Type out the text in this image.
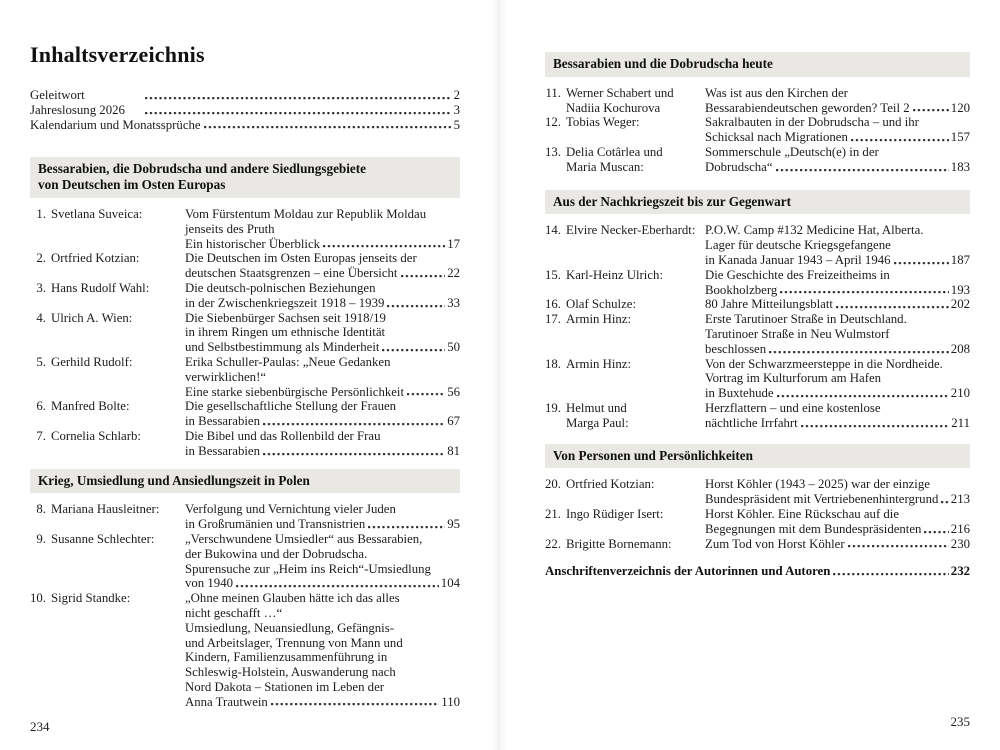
Inhaltsverzeichnis
Geleitwort	2
Jahreslosung 2026	3
Kalendarium und Monatssprüche	5
Bessarabien, die Dobrudscha und andere Siedlungsgebiete
von Deutschen im Osten Europas
1. Svetlana Suveica:	Vom Fürstentum Moldau zur Republik Moldau
jenseits des Pruth
Ein historischer Überblick	17
2. Ortfried Kotzian:	Die Deutschen im Osten Europas jenseits der
deutschen Staatsgrenzen – eine Übersicht	22
3. Hans Rudolf Wahl:	Die deutsch-polnischen Beziehungen
in der Zwischenkriegszeit 1918 – 1939	33
4. Ulrich A. Wien:	Die Siebenbürger Sachsen seit 1918/19
in ihrem Ringen um ethnische Identität
und Selbstbestimmung als Minderheit	50
5. Gerhild Rudolf:	Erika Schuller-Paulas: „Neue Gedanken
verwirklichen!“
Eine starke siebenbürgische Persönlichkeit	56
6. Manfred Bolte:	Die gesellschaftliche Stellung der Frauen
in Bessarabien	67
7. Cornelia Schlarb:	Die Bibel und das Rollenbild der Frau
in Bessarabien	81
Krieg, Umsiedlung und Ansiedlungszeit in Polen
8. Mariana Hausleitner:	Verfolgung und Vernichtung vieler Juden
in Großrumänien und Transnistrien	95
9. Susanne Schlechter:	„Verschwundene Umsiedler“ aus Bessarabien,
der Bukowina und der Dobrudscha.
Spurensuche zur „Heim ins Reich“-Umsiedlung
von 1940	104
10. Sigrid Standke:	„Ohne meinen Glauben hätte ich das alles
nicht geschafft …“
Umsiedlung, Neuansiedlung, Gefängnis-
und Arbeitslager, Trennung von Mann und
Kindern, Familienzusammenführung in
Schleswig-Holstein, Auswanderung nach
Nord Dakota – Stationen im Leben der
Anna Trautwein	110
234
Bessarabien und die Dobrudscha heute
11. Werner Schabert und
Nadiia Kochurova
Was ist aus den Kirchen der
Bessarabiendeutschen geworden? Teil 2	120
12. Tobias Weger:	Sakralbauten in der Dobrudscha – und ihr
Schicksal nach Migrationen	157
13. Delia Cotârlea und
Maria Muscan:
Sommerschule „Deutsch(e) in der
Dobrudscha“	183
Aus der Nachkriegszeit bis zur Gegenwart
14. Elvire Necker-Eberhardt: P.O.W. Camp #132 Medicine Hat, Alberta.
Lager für deutsche Kriegsgefangene
in Kanada Januar 1943 – April 1946	187
15. Karl-Heinz Ulrich:	Die Geschichte des Freizeitheims in
Bookholzberg	193
16. Olaf Schulze:	80 Jahre Mitteilungsblatt	202
17. Armin Hinz:	Erste Tarutinoer Straße in Deutschland.
Tarutinoer Straße in Neu Wulmstorf
beschlossen	208
18. Armin Hinz:	Von der Schwarzmeersteppe in die Nordheide.
Vortrag im Kulturforum am Hafen
in Buxtehude	210
19. Helmut und
Marga Paul:
Herzflattern – und eine kostenlose
nächtliche Irrfahrt	211
Von Personen und Persönlichkeiten
20. Ortfried Kotzian:	Horst Köhler (1943 – 2025) war der einzige
Bundespräsident mit Vertriebenenhintergrund 213
21. Ingo Rüdiger Isert:	Horst Köhler. Eine Rückschau auf die
Begegnungen mit dem Bundespräsidenten 216
22. Brigitte Bornemann:	Zum Tod von Horst Köhler	230
Anschriftenverzeichnis der Autorinnen und Autoren	232
235
